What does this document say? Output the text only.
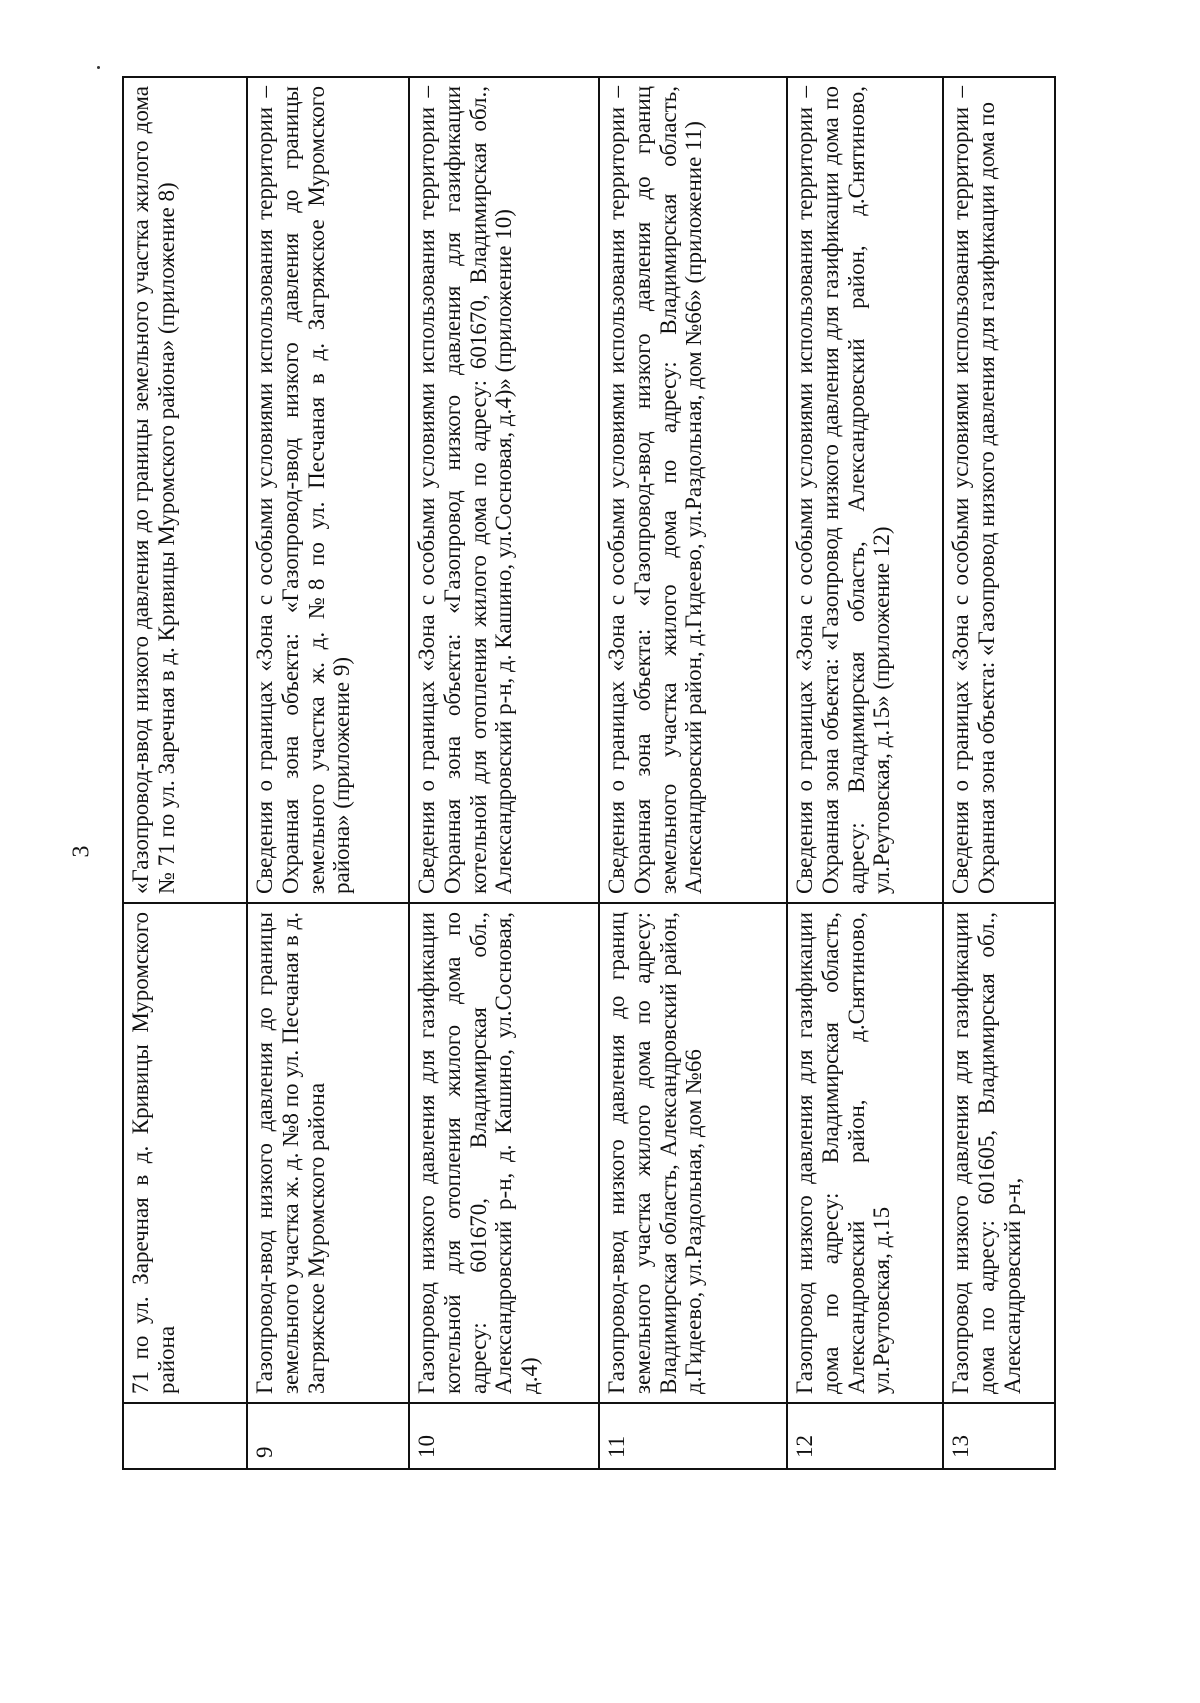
3
	71 по ул. Заречная в д. Кривицы Муромского района	«Газопровод-ввод низкого давления до границы земельного участка жилого дома № 71 по ул. Заречная в д. Кривицы Муромского района» (приложение 8)
9	Газопровод-ввод низкого давления до границы земельного участка ж. д. №8 по ул. Песчаная в д. Загряжское Муромского района	Сведения о границах «Зона с особыми условиями использования территории – Охранная зона объекта: «Газопровод-ввод низкого давления до границы земельного участка ж. д. №8 по ул. Песчаная в д. Загряжское Муромского района» (приложение 9)
10	Газопровод низкого давления для газификации котельной для отопления жилого дома по адресу: 601670, Владимирская обл., Александровский р-н, д. Кашино, ул.Сосновая, д.4)	Сведения о границах «Зона с особыми условиями использования территории – Охранная зона объекта: «Газопровод низкого давления для газификации котельной для отопления жилого дома по адресу: 601670, Владимирская обл., Александровский р-н, д. Кашино, ул.Сосновая, д.4)» (приложение 10)
11	Газопровод-ввод низкого давления до границ земельного участка жилого дома по адресу: Владимирская область, Александровский район, д.Гидеево, ул.Раздольная, дом №66	Сведения о границах «Зона с особыми условиями использования территории – Охранная зона объекта: «Газопровод-ввод низкого давления до границ земельного участка жилого дома по адресу: Владимирская область, Александровский район, д.Гидеево, ул.Раздольная, дом №66» (приложение 11)
12	Газопровод низкого давления для газификации дома по адресу: Владимирская область, Александровский район, д.Снятиново, ул.Реутовская, д.15	Сведения о границах «Зона с особыми условиями использования территории – Охранная зона объекта: «Газопровод низкого давления для газификации дома по адресу: Владимирская область, Александровский район, д.Снятиново, ул.Реутовская, д.15» (приложение 12)
13	Газопровод низкого давления для газификации дома по адресу: 601605, Владимирская обл., Александровский р-н,	Сведения о границах «Зона с особыми условиями использования территории – Охранная зона объекта: «Газопровод низкого давления для газификации дома по
